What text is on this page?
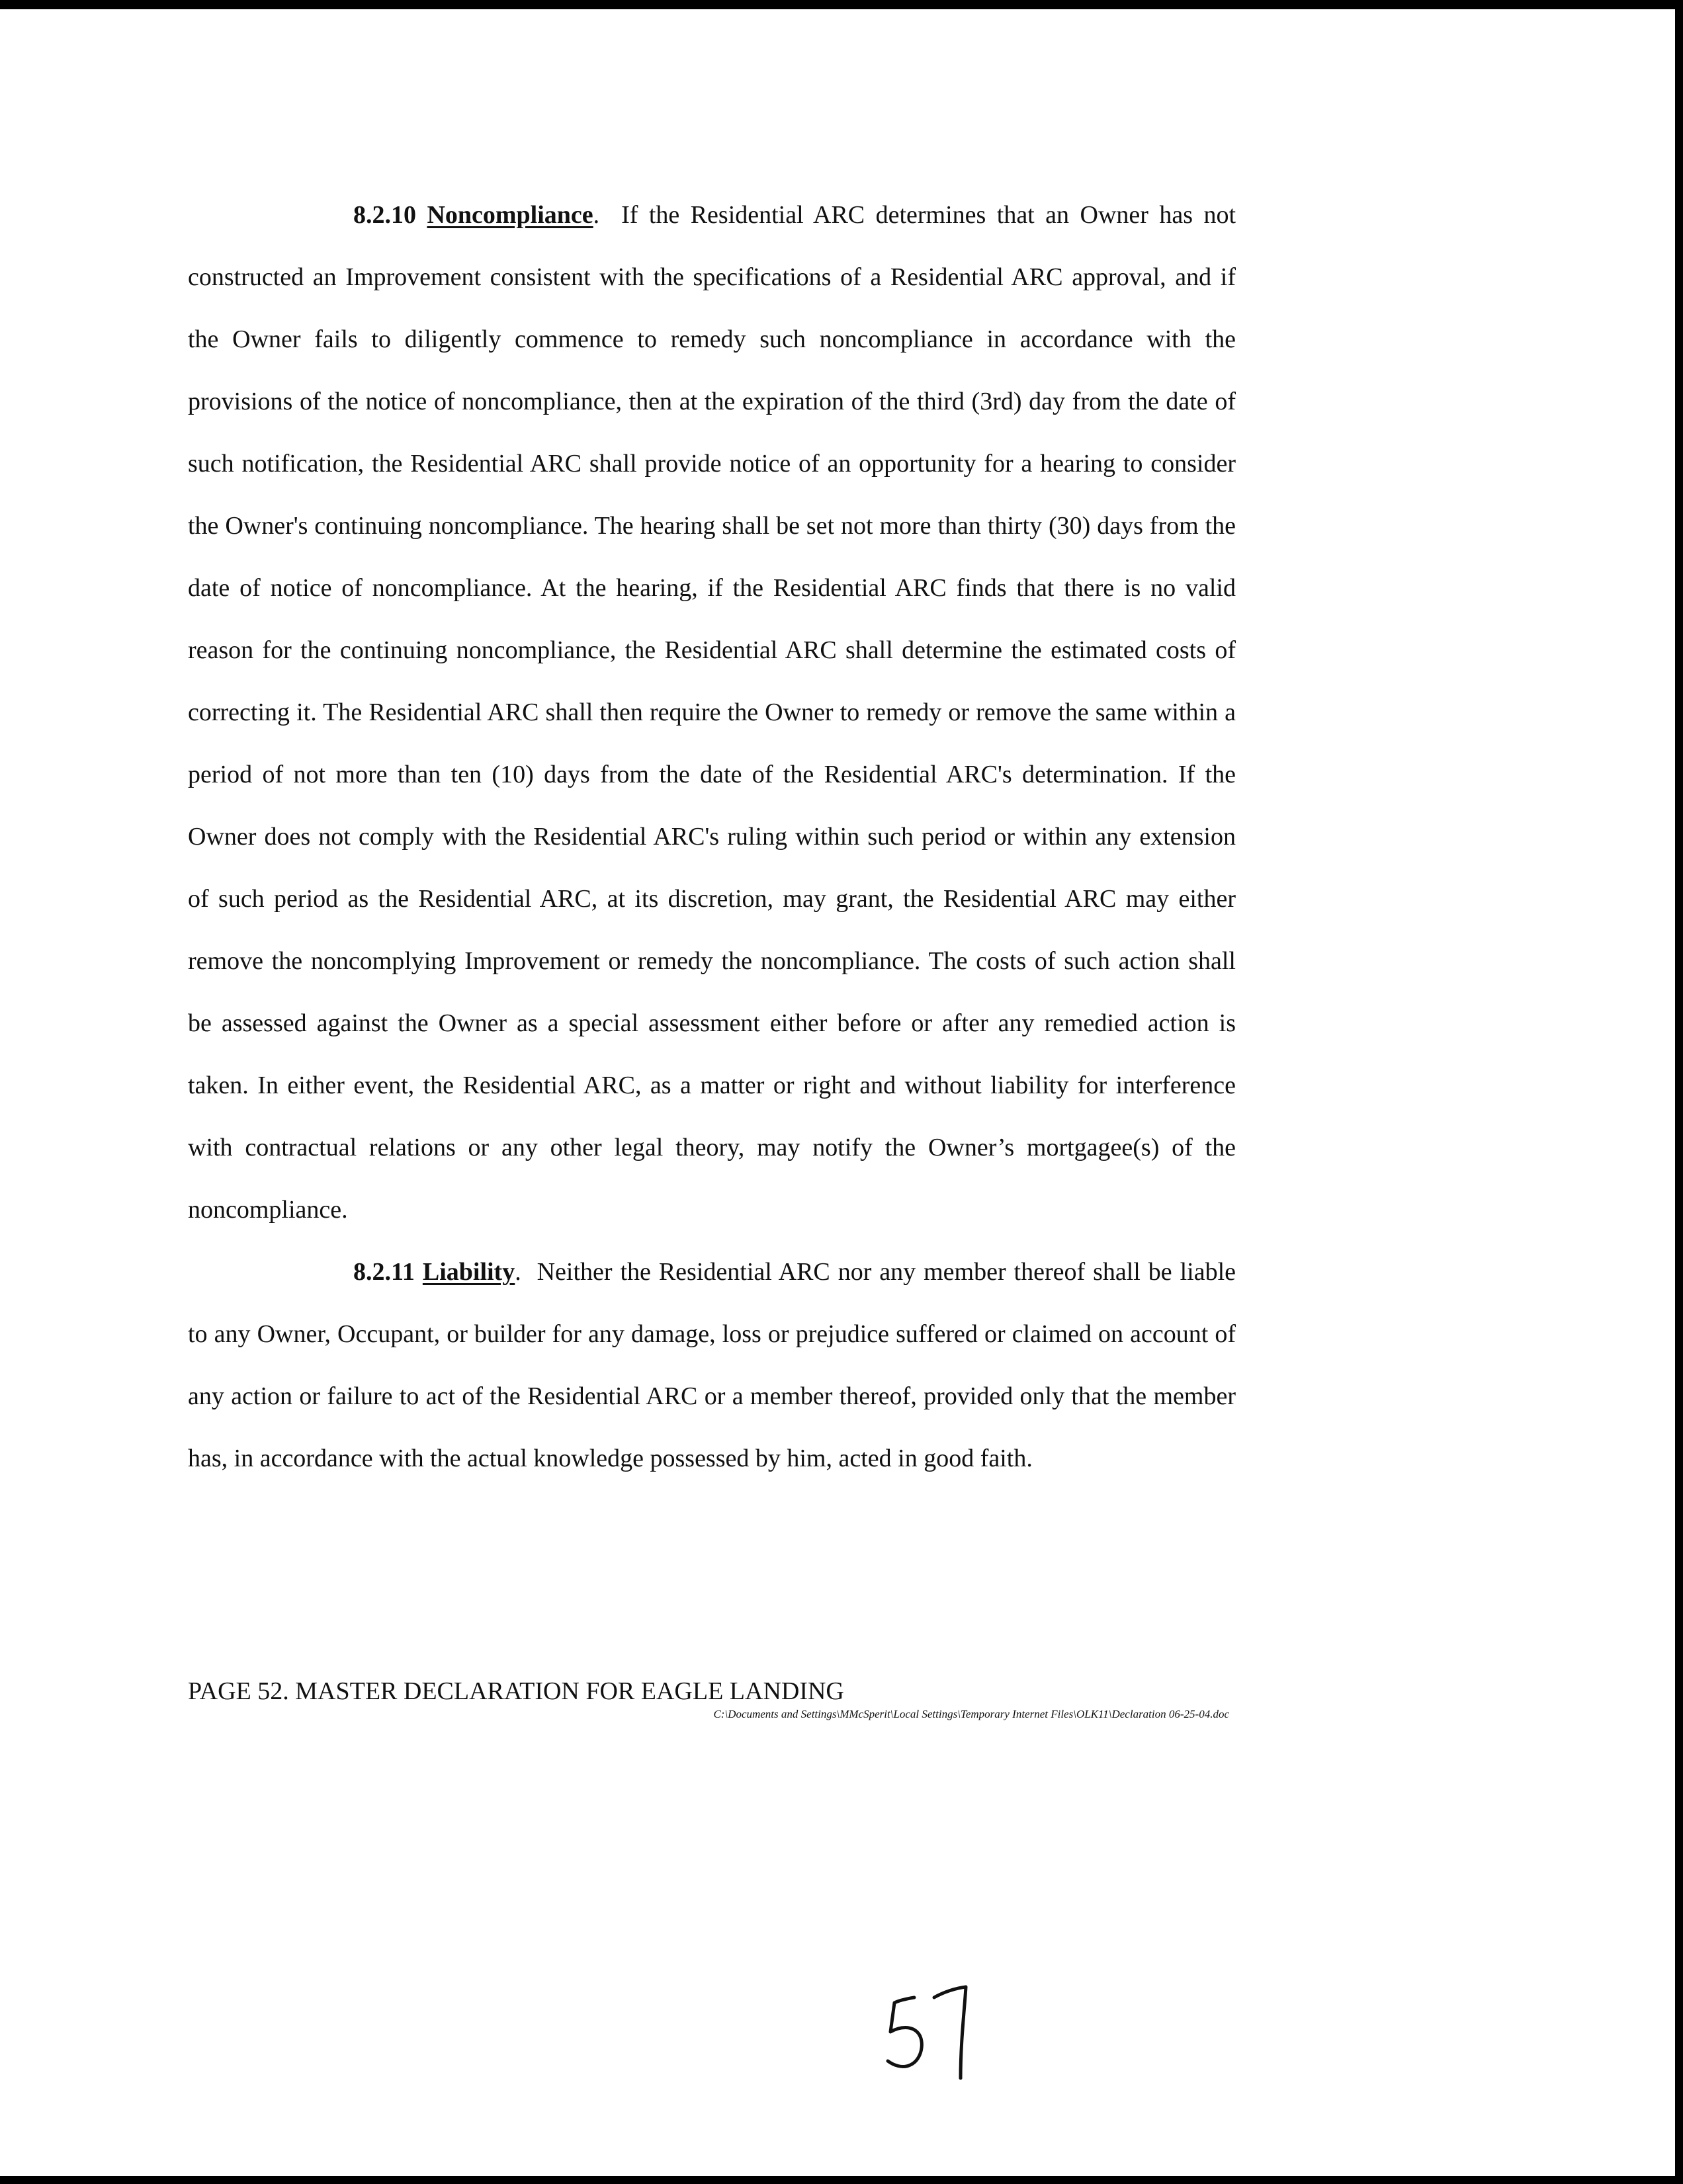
8.2.10 Noncompliance. If the Residential ARC determines that an Owner has not constructed an Improvement consistent with the specifications of a Residential ARC approval, and if the Owner fails to diligently commence to remedy such noncompliance in accordance with the provisions of the notice of noncompliance, then at the expiration of the third (3rd) day from the date of such notification, the Residential ARC shall provide notice of an opportunity for a hearing to consider the Owner's continuing noncompliance. The hearing shall be set not more than thirty (30) days from the date of notice of noncompliance. At the hearing, if the Residential ARC finds that there is no valid reason for the continuing noncompliance, the Residential ARC shall determine the estimated costs of correcting it. The Residential ARC shall then require the Owner to remedy or remove the same within a period of not more than ten (10) days from the date of the Residential ARC's determination. If the Owner does not comply with the Residential ARC's ruling within such period or within any extension of such period as the Residential ARC, at its discretion, may grant, the Residential ARC may either remove the noncomplying Improvement or remedy the noncompliance. The costs of such action shall be assessed against the Owner as a special assessment either before or after any remedied action is taken. In either event, the Residential ARC, as a matter or right and without liability for interference with contractual relations or any other legal theory, may notify the Owner’s mortgagee(s) of the noncompliance.

8.2.11 Liability. Neither the Residential ARC nor any member thereof shall be liable to any Owner, Occupant, or builder for any damage, loss or prejudice suffered or claimed on account of any action or failure to act of the Residential ARC or a member thereof, provided only that the member has, in accordance with the actual knowledge possessed by him, acted in good faith.

PAGE 52. MASTER DECLARATION FOR EAGLE LANDING
C:\Documents and Settings\MMcSperit\Local Settings\Temporary Internet Files\OLK11\Declaration 06-25-04.doc
